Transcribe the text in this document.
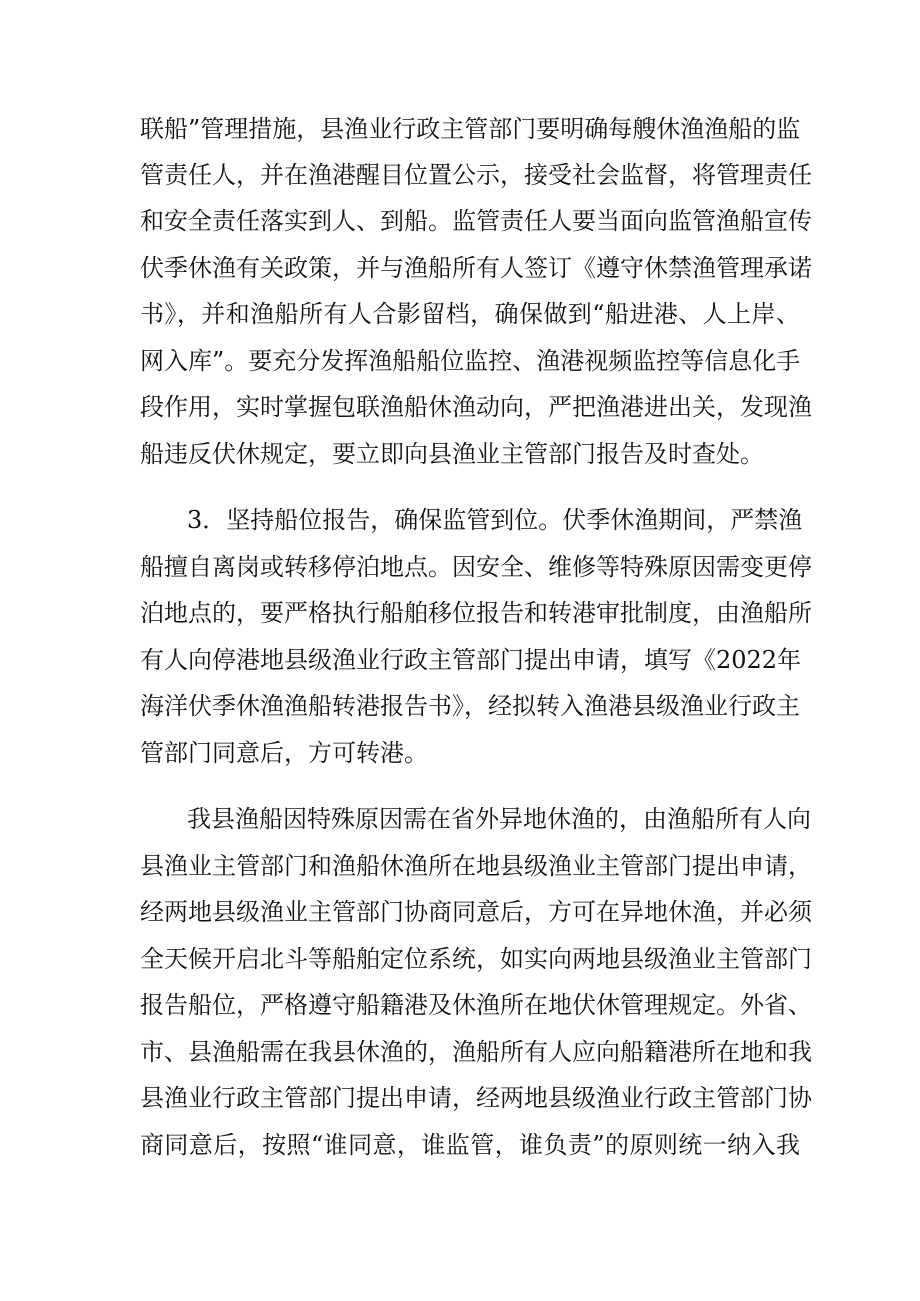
联船”管理措施，县渔业行政主管部门要明确每艘休渔渔船的监
管责任人，并在渔港醒目位置公示，接受社会监督，将管理责任
和安全责任落实到人、到船。监管责任人要当面向监管渔船宣传
伏季休渔有关政策，并与渔船所有人签订《遵守休禁渔管理承诺
书》，并和渔船所有人合影留档，确保做到“船进港、人上岸、
网入库”。要充分发挥渔船船位监控、渔港视频监控等信息化手
段作用，实时掌握包联渔船休渔动向，严把渔港进出关，发现渔
船违反伏休规定，要立即向县渔业主管部门报告及时查处。
3．坚持船位报告，确保监管到位。伏季休渔期间，严禁渔
船擅自离岗或转移停泊地点。因安全、维修等特殊原因需变更停
泊地点的，要严格执行船舶移位报告和转港审批制度，由渔船所
有人向停港地县级渔业行政主管部门提出申请，填写《2022年
海洋伏季休渔渔船转港报告书》，经拟转入渔港县级渔业行政主
管部门同意后，方可转港。
我县渔船因特殊原因需在省外异地休渔的，由渔船所有人向
县渔业主管部门和渔船休渔所在地县级渔业主管部门提出申请，
经两地县级渔业主管部门协商同意后，方可在异地休渔，并必须
全天候开启北斗等船舶定位系统，如实向两地县级渔业主管部门
报告船位，严格遵守船籍港及休渔所在地伏休管理规定。外省、
市、县渔船需在我县休渔的，渔船所有人应向船籍港所在地和我
县渔业行政主管部门提出申请，经两地县级渔业行政主管部门协
商同意后，按照“谁同意，谁监管，谁负责”的原则统一纳入我
